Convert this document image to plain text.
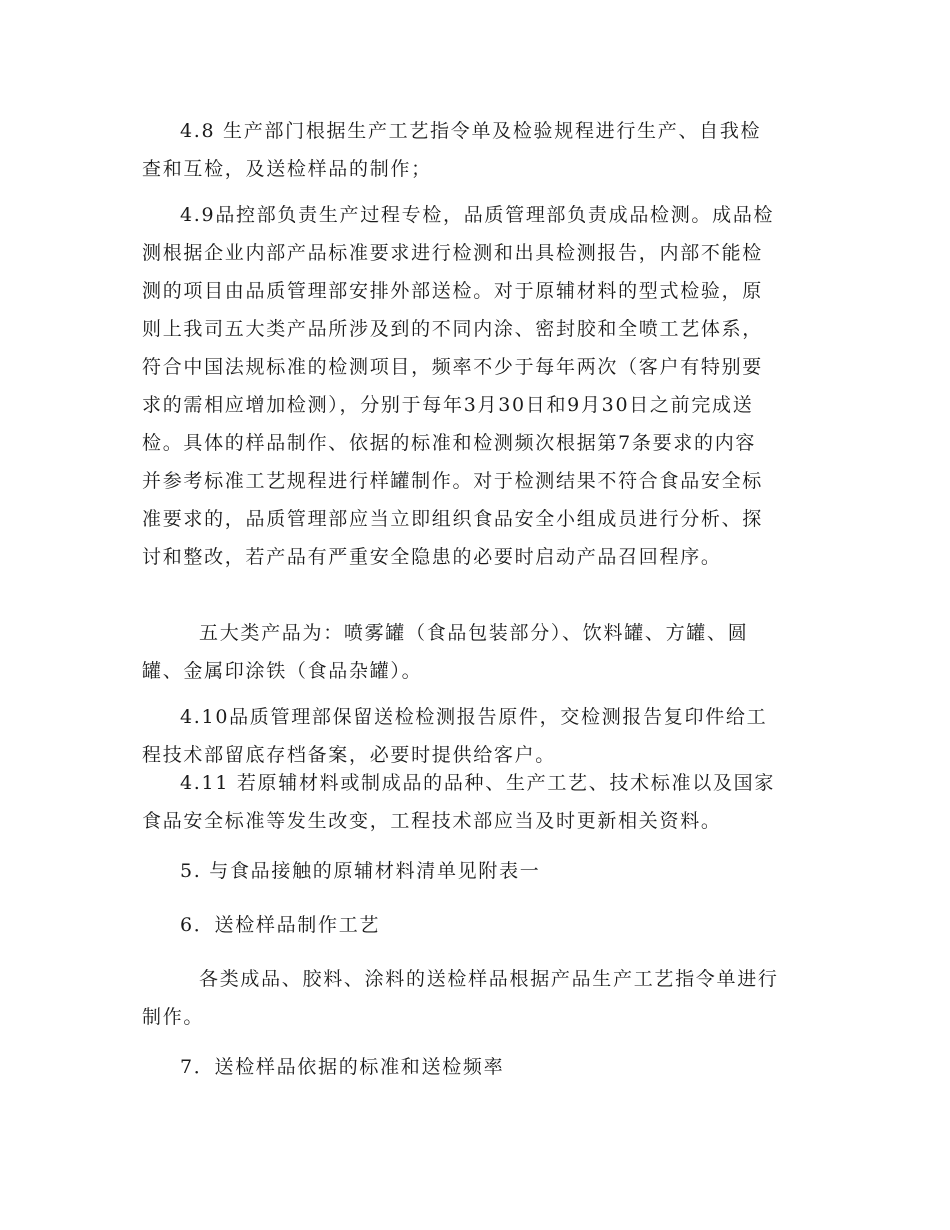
4.8 生产部门根据生产工艺指令单及检验规程进行生产、自我检
查和互检，及送检样品的制作；
4.9品控部负责生产过程专检，品质管理部负责成品检测。成品检
测根据企业内部产品标准要求进行检测和出具检测报告，内部不能检
测的项目由品质管理部安排外部送检。对于原辅材料的型式检验，原
则上我司五大类产品所涉及到的不同内涂、密封胶和全喷工艺体系，
符合中国法规标准的检测项目，频率不少于每年两次（客户有特别要
求的需相应增加检测），分别于每年3月30日和9月30日之前完成送
检。具体的样品制作、依据的标准和检测频次根据第7条要求的内容
并参考标准工艺规程进行样罐制作。对于检测结果不符合食品安全标
准要求的，品质管理部应当立即组织食品安全小组成员进行分析、探
讨和整改，若产品有严重安全隐患的必要时启动产品召回程序。
五大类产品为：喷雾罐（食品包装部分）、饮料罐、方罐、圆
罐、金属印涂铁（食品杂罐）。
4.10品质管理部保留送检检测报告原件，交检测报告复印件给工
程技术部留底存档备案，必要时提供给客户。
4.11 若原辅材料或制成品的品种、生产工艺、技术标准以及国家
食品安全标准等发生改变，工程技术部应当及时更新相关资料。
5. 与食品接触的原辅材料清单见附表一
6．送检样品制作工艺
各类成品、胶料、涂料的送检样品根据产品生产工艺指令单进行
制作。
7．送检样品依据的标准和送检频率
